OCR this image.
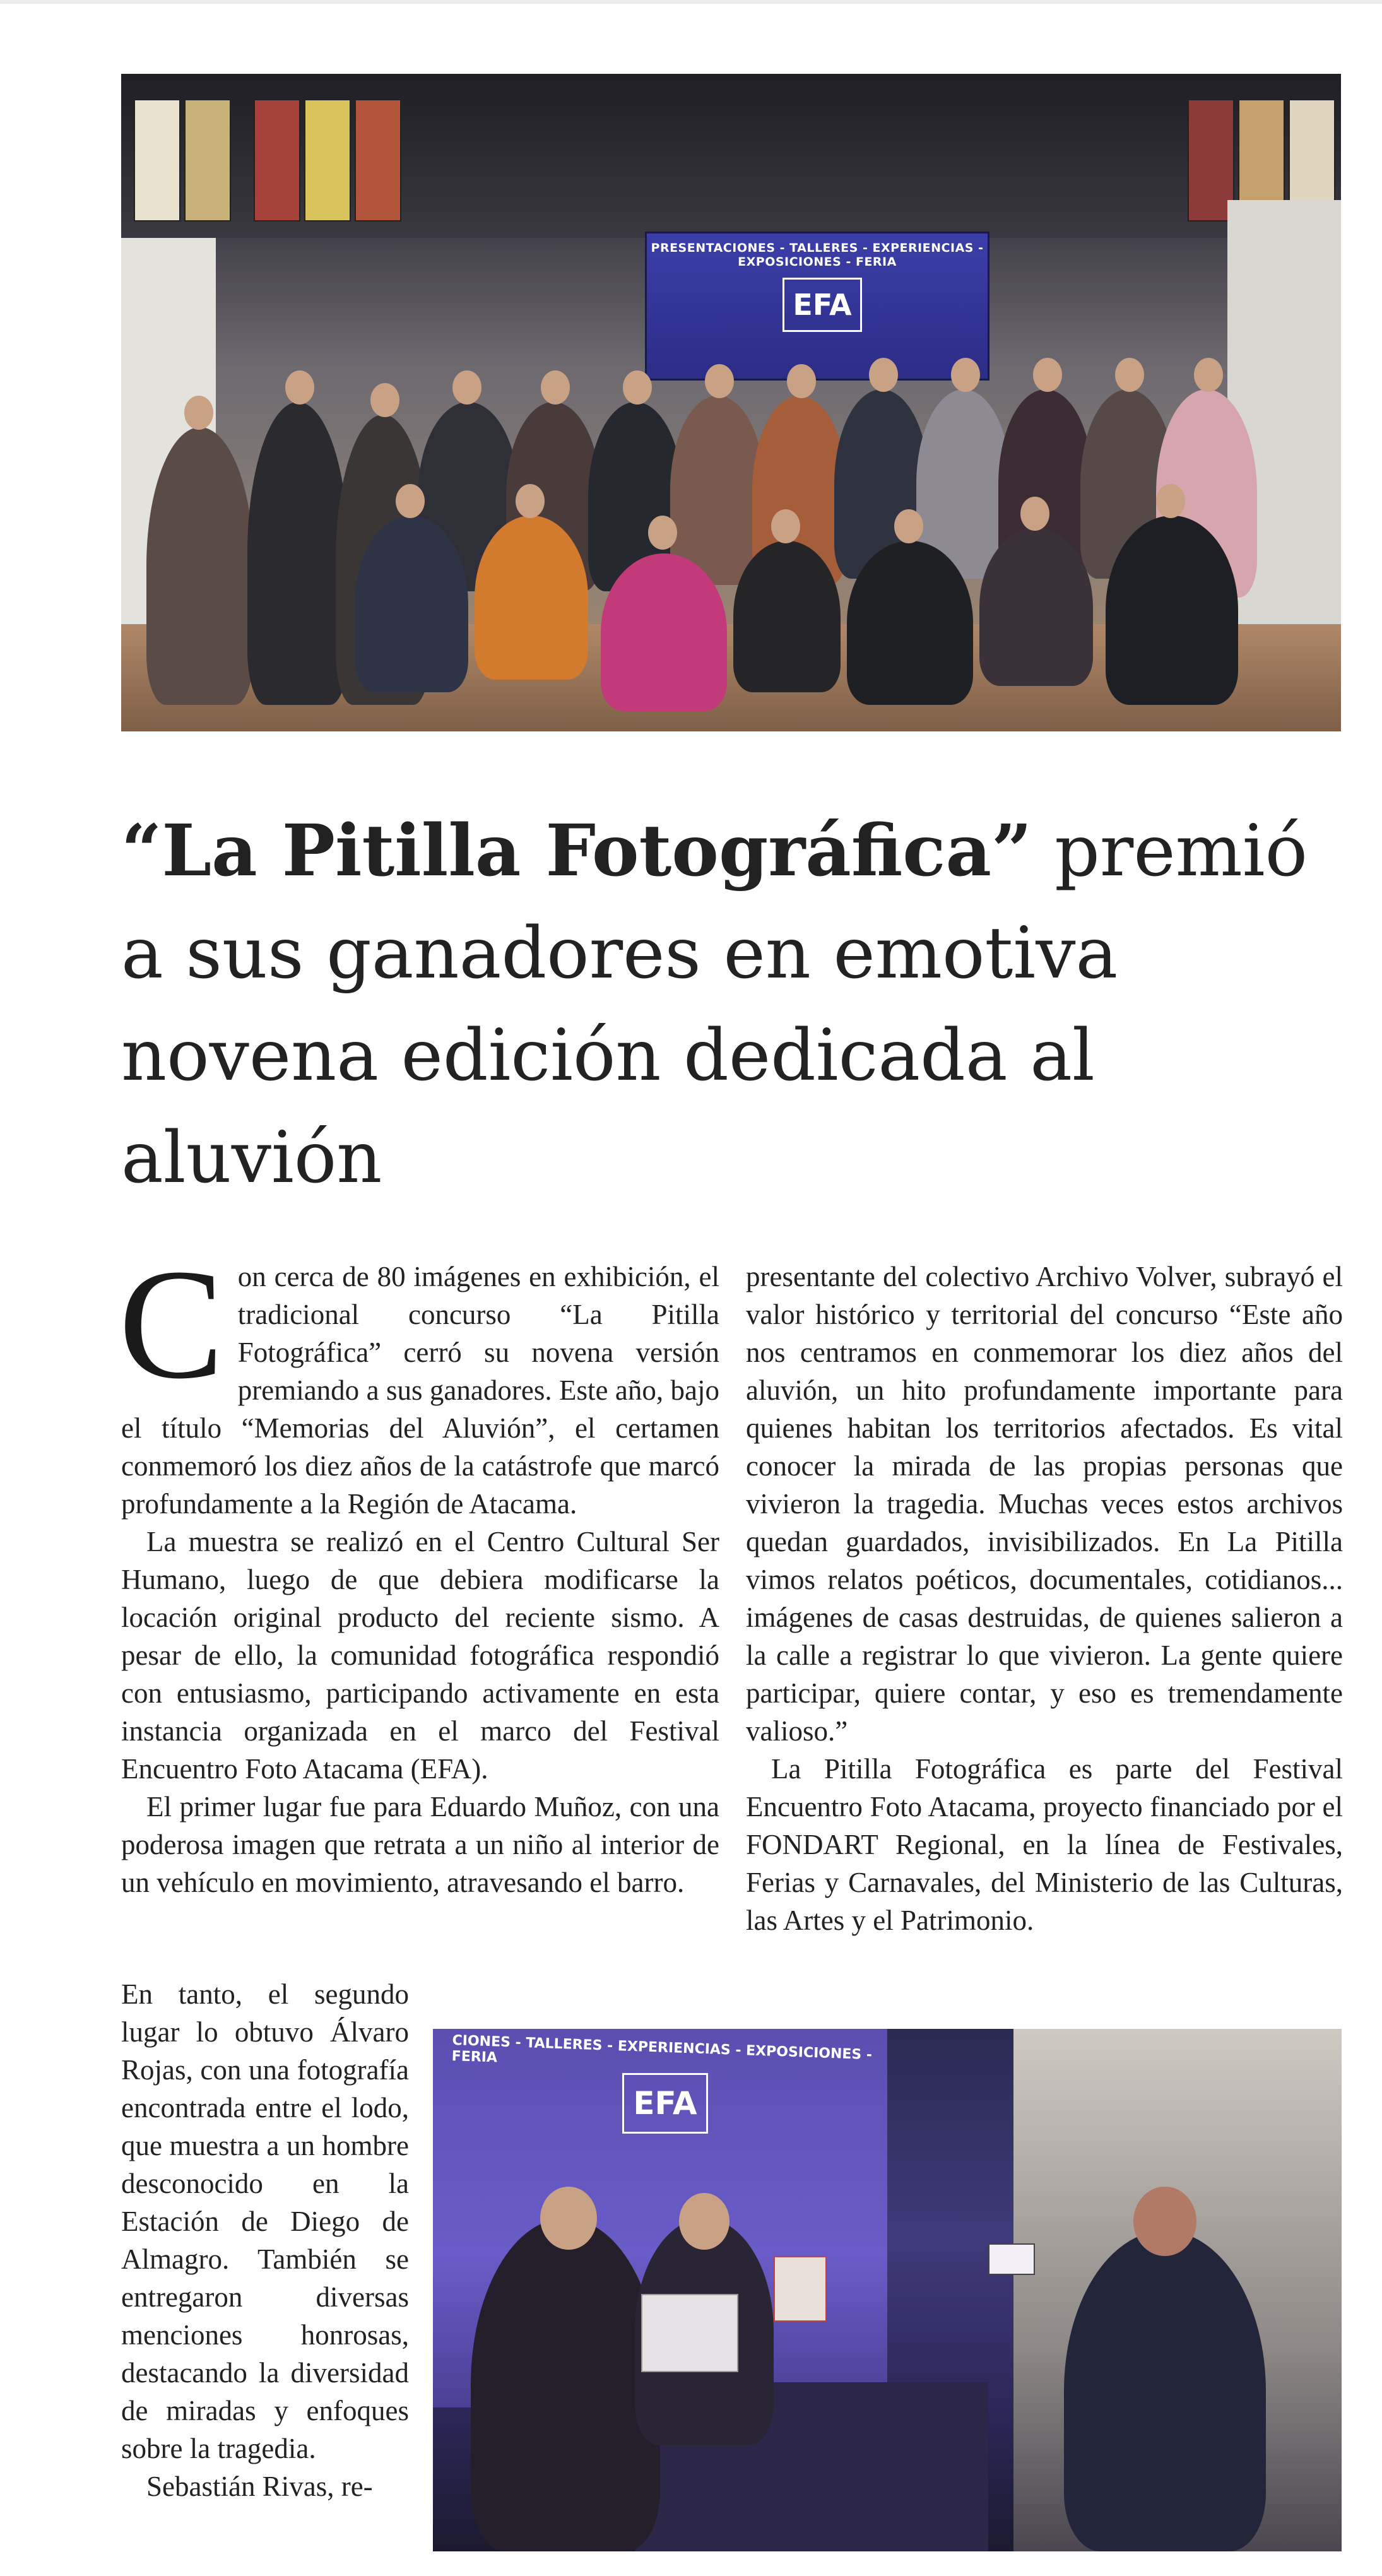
PRESENTACIONES - TALLERES - EXPERIENCIAS - EXPOSICIONES - FERIA
EFA
“La Pitilla Fotográfica” premió a sus ganadores en emotiva novena edición dedicada al aluvión

Con cerca de 80 imágenes en exhibición, el tradicional concurso “La Pitilla Fotográfica” cerró su novena versión premiando a sus ganadores. Este año, bajo el título “Memorias del Aluvión”, el certamen conmemoró los diez años de la catástrofe que marcó profundamente a la Región de Atacama.

La muestra se realizó en el Centro Cultural Ser Humano, luego de que debiera modificarse la locación original producto del reciente sismo. A pesar de ello, la comunidad fotográfica respondió con entusiasmo, participando activamente en esta instancia organizada en el marco del Festival Encuentro Foto Atacama (EFA).

El primer lugar fue para Eduardo Muñoz, con una poderosa imagen que retrata a un niño al interior de un vehículo en movimiento, atravesando el barro.

En tanto, el segundo lugar lo obtuvo Álvaro Rojas, con una fotografía encontrada entre el lodo, que muestra a un hombre desconocido en la Estación de Diego de Almagro. También se entregaron diversas menciones honrosas, destacando la diversidad de miradas y enfoques sobre la tragedia.

Sebastián Rivas, re-

presentante del colectivo Archivo Volver, subrayó el valor histórico y territorial del concurso “Este año nos centramos en conmemorar los diez años del aluvión, un hito profundamente importante para quienes habitan los territorios afectados. Es vital conocer la mirada de las propias personas que vivieron la tragedia. Muchas veces estos archivos quedan guardados, invisibilizados. En La Pitilla vimos relatos poéticos, documentales, cotidianos... imágenes de casas destruidas, de quienes salieron a la calle a registrar lo que vivieron. La gente quiere participar, quiere contar, y eso es tremendamente valioso.”

La Pitilla Fotográfica es parte del Festival Encuentro Foto Atacama, proyecto financiado por el FONDART Regional, en la línea de Festivales, Ferias y Carnavales, del Ministerio de las Culturas, las Artes y el Patrimonio.

CIONES - TALLERES - EXPERIENCIAS - EXPOSICIONES - FERIA
EFA
